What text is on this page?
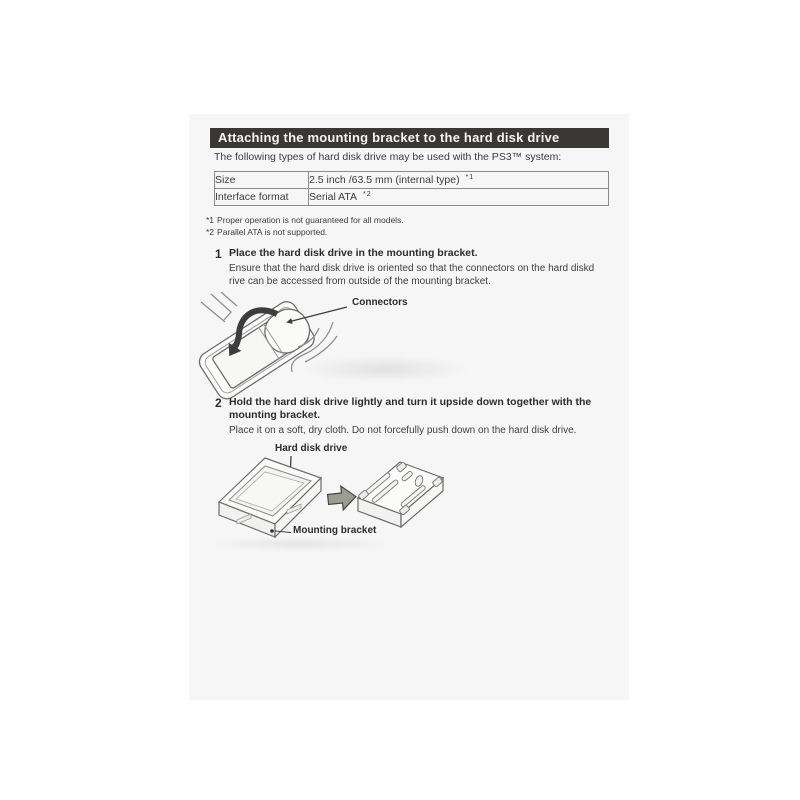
Attaching the mounting bracket to the hard disk drive
The following types of hard disk drive may be used with the PS3™ system:
Size	2.5 inch /63.5 mm (internal type) $^{*1}$
Interface format	Serial ATA $^{*2}$
*1 Proper operation is not guaranteed for all models.
*2 Parallel ATA is not supported.
1 Place the hard disk drive in the mounting bracket.
Ensure that the hard disk drive is oriented so that the connectors on the hard diskd
rive can be accessed from outside of the mounting bracket.
Connectors
2 Hold the hard disk drive lightly and turn it upside down together with the
mounting bracket.
Place it on a soft, dry cloth. Do not forcefully push down on the hard disk drive.
Hard disk drive
Mounting bracket
